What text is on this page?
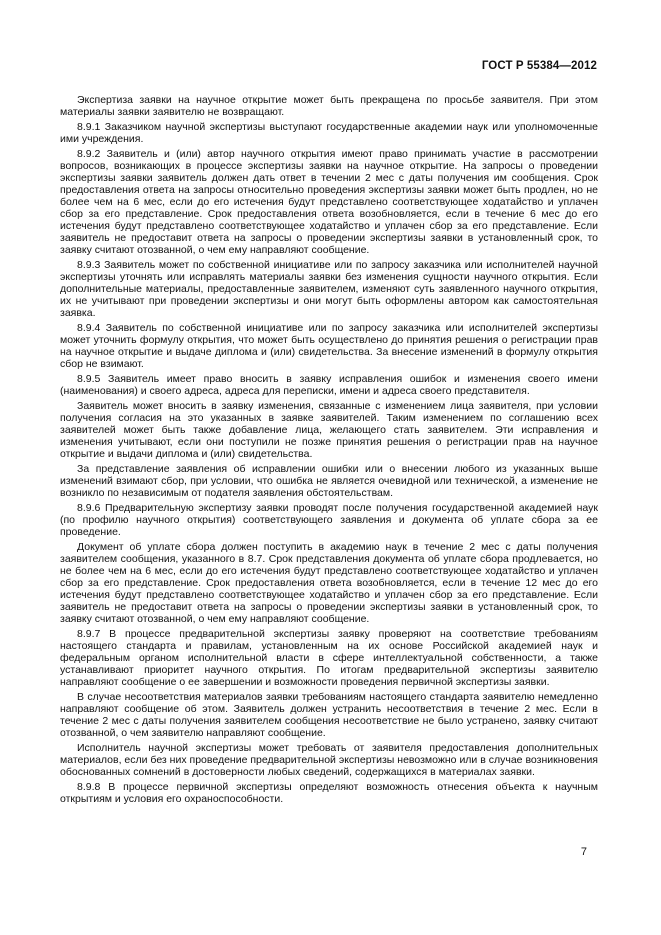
ГОСТ Р 55384—2012

Экспертиза заявки на научное открытие может быть прекращена по просьбе заявителя. При этом материалы заявки заявителю не возвращают.

8.9.1 Заказчиком научной экспертизы выступают государственные академии наук или уполномоченные ими учреждения.

8.9.2 Заявитель и (или) автор научного открытия имеют право принимать участие в рассмотрении вопросов, возникающих в процессе экспертизы заявки на научное открытие. На запросы о проведении экспертизы заявки заявитель должен дать ответ в течении 2 мес с даты получения им сообщения. Срок предоставления ответа на запросы относительно проведения экспертизы заявки может быть продлен, но не более чем на 6 мес, если до его истечения будут представлено соответствующее ходатайство и уплачен сбор за его представление. Срок предоставления ответа возобновляется, если в течение 6 мес до его истечения будут представлено соответствующее ходатайство и уплачен сбор за его представление. Если заявитель не предоставит ответа на запросы о проведении экспертизы заявки в установленный срок, то заявку считают отозванной, о чем ему направляют сообщение.

8.9.3 Заявитель может по собственной инициативе или по запросу заказчика или исполнителей научной экспертизы уточнять или исправлять материалы заявки без изменения сущности научного открытия. Если дополнительные материалы, предоставленные заявителем, изменяют суть заявленного научного открытия, их не учитывают при проведении экспертизы и они могут быть оформлены автором как самостоятельная заявка.

8.9.4 Заявитель по собственной инициативе или по запросу заказчика или исполнителей экспертизы может уточнить формулу открытия, что может быть осуществлено до принятия решения о регистрации прав на научное открытие и выдаче диплома и (или) свидетельства. За внесение изменений в формулу открытия сбор не взимают.

8.9.5 Заявитель имеет право вносить в заявку исправления ошибок и изменения своего имени (наименования) и своего адреса, адреса для переписки, имени и адреса своего представителя.

Заявитель может вносить в заявку изменения, связанные с изменением лица заявителя, при условии получения согласия на это указанных в заявке заявителей. Таким изменением по соглашению всех заявителей может быть также добавление лица, желающего стать заявителем. Эти исправления и изменения учитывают, если они поступили не позже принятия решения о регистрации прав на научное открытие и выдачи диплома и (или) свидетельства.

За представление заявления об исправлении ошибки или о внесении любого из указанных выше изменений взимают сбор, при условии, что ошибка не является очевидной или технической, а изменение не возникло по независимым от подателя заявления обстоятельствам.

8.9.6 Предварительную экспертизу заявки проводят после получения государственной академией наук (по профилю научного открытия) соответствующего заявления и документа об уплате сбора за ее проведение.

Документ об уплате сбора должен поступить в академию наук в течение 2 мес с даты получения заявителем сообщения, указанного в 8.7. Срок представления документа об уплате сбора продлевается, но не более чем на 6 мес, если до его истечения будут представлено соответствующее ходатайство и уплачен сбор за его представление. Срок предоставления ответа возобновляется, если в течение 12 мес до его истечения будут представлено соответствующее ходатайство и уплачен сбор за его представление. Если заявитель не предоставит ответа на запросы о проведении экспертизы заявки в установленный срок, то заявку считают отозванной, о чем ему направляют сообщение.

8.9.7 В процессе предварительной экспертизы заявку проверяют на соответствие требованиям настоящего стандарта и правилам, установленным на их основе Российской академией наук и федеральным органом исполнительной власти в сфере интеллектуальной собственности, а также устанавливают приоритет научного открытия. По итогам предварительной экспертизы заявителю направляют сообщение о ее завершении и возможности проведения первичной экспертизы заявки.

В случае несоответствия материалов заявки требованиям настоящего стандарта заявителю немедленно направляют сообщение об этом. Заявитель должен устранить несоответствия в течение 2 мес. Если в течение 2 мес с даты получения заявителем сообщения несоответствие не было устранено, заявку считают отозванной, о чем заявителю направляют сообщение.

Исполнитель научной экспертизы может требовать от заявителя предоставления дополнительных материалов, если без них проведение предварительной экспертизы невозможно или в случае возникновения обоснованных сомнений в достоверности любых сведений, содержащихся в материалах заявки.

8.9.8 В процессе первичной экспертизы определяют возможность отнесения объекта к научным открытиям и условия его охраноспособности.

7
